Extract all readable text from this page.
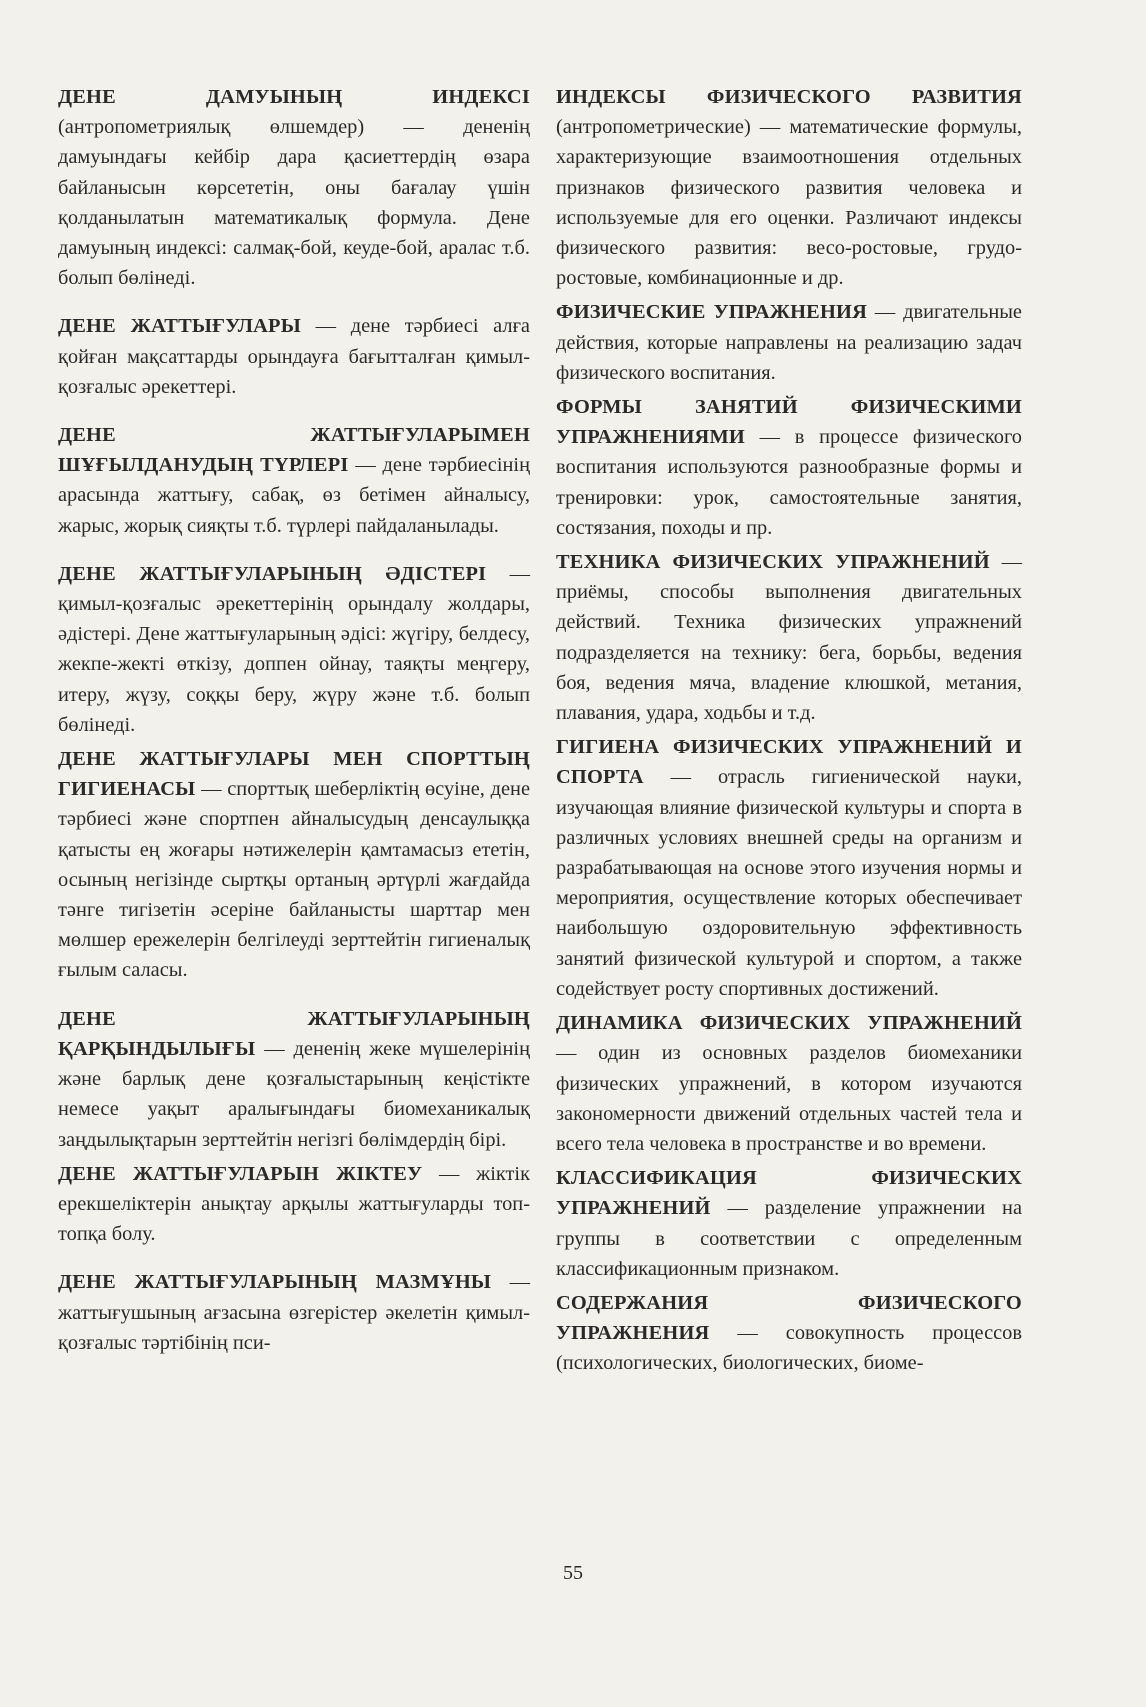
ДЕНЕ ДАМУЫНЫҢ ИНДЕКСІ (антропометриялық өлшемдер) — дененің дамуындағы кейбір дара қасиеттердің өзара байланысын көрсететін, оны бағалау үшін қолданылатын математикалық формула. Дене дамуының индексі: салмақ-бой, кеуде-бой, аралас т.б. болып бөлінеді.

ДЕНЕ ЖАТТЫҒУЛАРЫ — дене тәрбиесі алға қойған мақсаттарды орындауға бағытталған қимыл-қозғалыс әрекеттері.

ДЕНЕ ЖАТТЫҒУЛАРЫМЕН ШҰҒЫЛДАНУДЫҢ ТҮРЛЕРІ — дене тәрбиесінің арасында жаттығу, сабақ, өз бетімен айналысу, жарыс, жорық сияқты т.б. түрлері пайдаланылады.

ДЕНЕ ЖАТТЫҒУЛАРЫНЫҢ ӘДІСТЕРІ — қимыл-қозғалыс әрекеттерінің орындалу жолдары, әдістері. Дене жаттығуларының әдісі: жүгіру, белдесу, жекпе-жекті өткізу, доппен ойнау, таяқты меңгеру, итеру, жүзу, соққы беру, жүру және т.б. болып бөлінеді.

ДЕНЕ ЖАТТЫҒУЛАРЫ МЕН СПОРТТЫҢ ГИГИЕНАСЫ — спорттық шеберліктің өсуіне, дене тәрбиесі және спортпен айналысудың денсаулыққа қатысты ең жоғары нәтижелерін қамтамасыз ететін, осының негізінде сыртқы ортаның әртүрлі жағдайда тәнге тигізетін әсеріне байланысты шарттар мен мөлшер ережелерін белгілеуді зерттейтін гигиеналық ғылым саласы.

ДЕНЕ ЖАТТЫҒУЛАРЫНЫҢ ҚАРҚЫНДЫЛЫҒЫ — дененің жеке мүшелерінің және барлық дене қозғалыстарының кеңістікте немесе уақыт аралығындағы биомеханикалық заңдылықтарын зерттейтін негізгі бөлімдердің бірі.

ДЕНЕ ЖАТТЫҒУЛАРЫН ЖІКТЕУ — жіктік ерекшеліктерін анықтау арқылы жаттығуларды топ-топқа болу.

ДЕНЕ ЖАТТЫҒУЛАРЫНЫҢ МАЗМҰНЫ — жаттығушының ағзасына өзгерістер әкелетін қимыл-қозғалыс тәртібінің пси-

ИНДЕКСЫ ФИЗИЧЕСКОГО РАЗВИТИЯ (антропометрические) — математические формулы, характеризующие взаимоотношения отдельных признаков физического развития человека и используемые для его оценки. Различают индексы физического развития: весо-ростовые, грудо-ростовые, комбинационные и др.

ФИЗИЧЕСКИЕ УПРАЖНЕНИЯ — двигательные действия, которые направлены на реализацию задач физического воспитания.

ФОРМЫ ЗАНЯТИЙ ФИЗИЧЕСКИМИ УПРАЖНЕНИЯМИ — в процессе физического воспитания используются разнообразные формы и тренировки: урок, самостоятельные занятия, состязания, походы и пр.

ТЕХНИКА ФИЗИЧЕСКИХ УПРАЖНЕНИЙ — приёмы, способы выполнения двигательных действий. Техника физических упражнений подразделяется на технику: бега, борьбы, ведения боя, ведения мяча, владение клюшкой, метания, плавания, удара, ходьбы и т.д.

ГИГИЕНА ФИЗИЧЕСКИХ УПРАЖНЕНИЙ И СПОРТА — отрасль гигиенической науки, изучающая влияние физической культуры и спорта в различных условиях внешней среды на организм и разрабатывающая на основе этого изучения нормы и мероприятия, осуществление которых обеспечивает наибольшую оздоровительную эффективность занятий физической культурой и спортом, а также содействует росту спортивных достижений.

ДИНАМИКА ФИЗИЧЕСКИХ УПРАЖНЕНИЙ — один из основных разделов биомеханики физических упражнений, в котором изучаются закономерности движений отдельных частей тела и всего тела человека в пространстве и во времени.

КЛАССИФИКАЦИЯ ФИЗИЧЕСКИХ УПРАЖНЕНИЙ — разделение упражнении на группы в соответствии с определенным классификационным признаком.

СОДЕРЖАНИЯ ФИЗИЧЕСКОГО УПРАЖНЕНИЯ — совокупность процессов (психологических, биологических, биоме-

55
